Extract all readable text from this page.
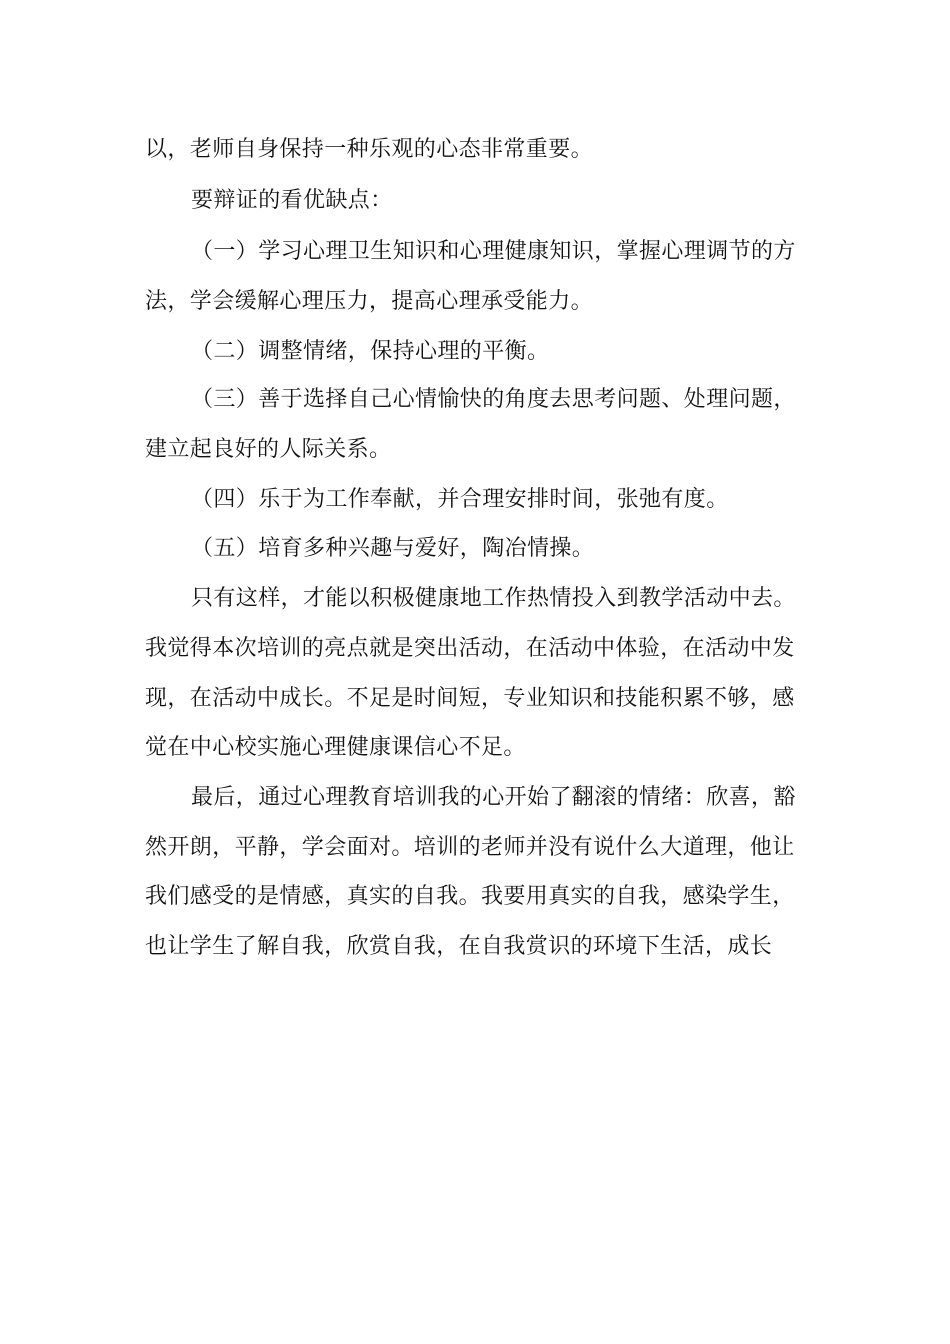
以，老师自身保持一种乐观的心态非常重要。
要辩证的看优缺点：
（一）学习心理卫生知识和心理健康知识，掌握心理调节的方
法，学会缓解心理压力，提高心理承受能力。
（二）调整情绪，保持心理的平衡。
（三）善于选择自己心情愉快的角度去思考问题、处理问题，
建立起良好的人际关系。
（四）乐于为工作奉献，并合理安排时间，张弛有度。
（五）培育多种兴趣与爱好，陶冶情操。
只有这样，才能以积极健康地工作热情投入到教学活动中去。
我觉得本次培训的亮点就是突出活动，在活动中体验，在活动中发
现，在活动中成长。不足是时间短，专业知识和技能积累不够，感
觉在中心校实施心理健康课信心不足。
最后，通过心理教育培训我的心开始了翻滚的情绪：欣喜，豁
然开朗，平静，学会面对。培训的老师并没有说什么大道理，他让
我们感受的是情感，真实的自我。我要用真实的自我，感染学生，
也让学生了解自我，欣赏自我，在自我赏识的环境下生活，成长
